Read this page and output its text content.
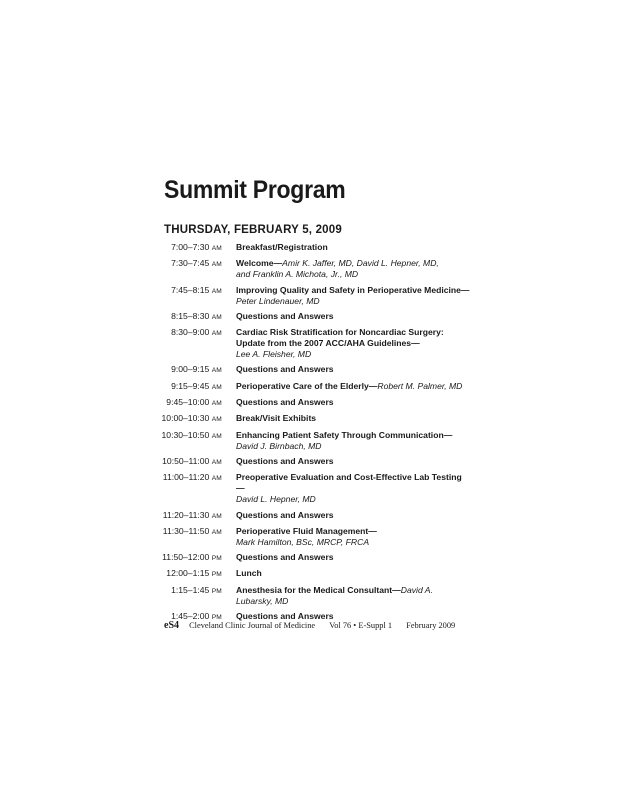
Summit Program
THURSDAY, FEBRUARY 5, 2009
7:00–7:30 AM Breakfast/Registration
7:30–7:45 AM Welcome—Amir K. Jaffer, MD, David L. Hepner, MD,
and Franklin A. Michota, Jr., MD
7:45–8:15 AM Improving Quality and Safety in Perioperative Medicine—
Peter Lindenauer, MD
8:15–8:30 AM Questions and Answers
8:30–9:00 AM Cardiac Risk Stratification for Noncardiac Surgery: Update from the 2007 ACC/AHA Guidelines—
Lee A. Fleisher, MD
9:00–9:15 AM Questions and Answers
9:15–9:45 AM Perioperative Care of the Elderly—Robert M. Palmer, MD
9:45–10:00 AM Questions and Answers
10:00–10:30 AM Break/Visit Exhibits
10:30–10:50 AM Enhancing Patient Safety Through Communication—
David J. Birnbach, MD
10:50–11:00 AM Questions and Answers
11:00–11:20 AM Preoperative Evaluation and Cost-Effective Lab Testing—
David L. Hepner, MD
11:20–11:30 AM Questions and Answers
11:30–11:50 AM Perioperative Fluid Management—
Mark Hamilton, BSc, MRCP, FRCA
11:50–12:00 PM Questions and Answers
12:00–1:15 PM Lunch
1:15–1:45 PM Anesthesia for the Medical Consultant—David A. Lubarsky, MD
1:45–2:00 PM Questions and Answers
eS4 Cleveland Clinic Journal of Medicine Vol 76 • E-Suppl 1 February 2009
